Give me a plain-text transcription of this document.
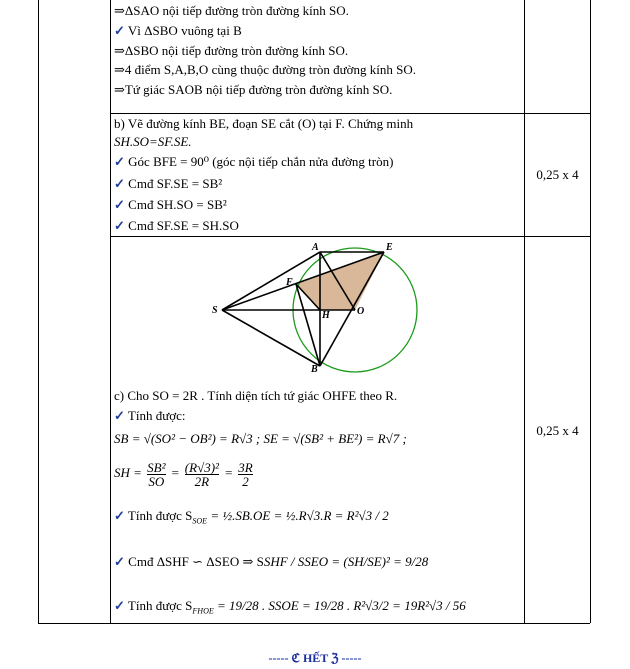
⇒ΔSAO nội tiếp đường tròn đường kính SO.
✓ Vì ΔSBO vuông tại B
⇒ΔSBO nội tiếp đường tròn đường kính SO.
⇒4 điểm S,A,B,O cùng thuộc đường tròn đường kính SO.
⇒Tứ giác SAOB nội tiếp đường tròn đường kính SO.
b) Vẽ đường kính BE, đoạn SE cắt (O) tại F. Chứng minh
SH.SO=SF.SE.
✓ Góc BFE = 90⁰ (góc nội tiếp chắn nửa đường tròn)
✓ Cmđ SF.SE = SB²
✓ Cmđ SH.SO = SB²
✓ Cmđ SF.SE = SH.SO
0,25 x 4
A	E
F
S	H	O
B
c) Cho SO = 2R . Tính diện tích tứ giác OHFE theo R.
✓ Tính được:
SB = √(SO² − OB²) = R√3 ; SE = √(SB² + BE²) = R√7 ;
SH = $\frac{\text{SB²}}{SO} = \frac{\text{(R√3)²}}{2R} = \frac{3R}{2}$
✓ Tính được $S_{SOE}$ = ½.SB.OE = ½.R√3.R = R²√3 / 2
✓ Cmđ ΔSHF ∽ ΔSEO ⇒ SSHF / SSEO = (SH/SE)² = 9/28
✓ Tính được $S_{FHOE} = 19/28$ . SSOE = 19/28 . R²√3/2 = 19R²√3 / 56
0,25 x 4
----- ℭ HẾT ℨ -----
